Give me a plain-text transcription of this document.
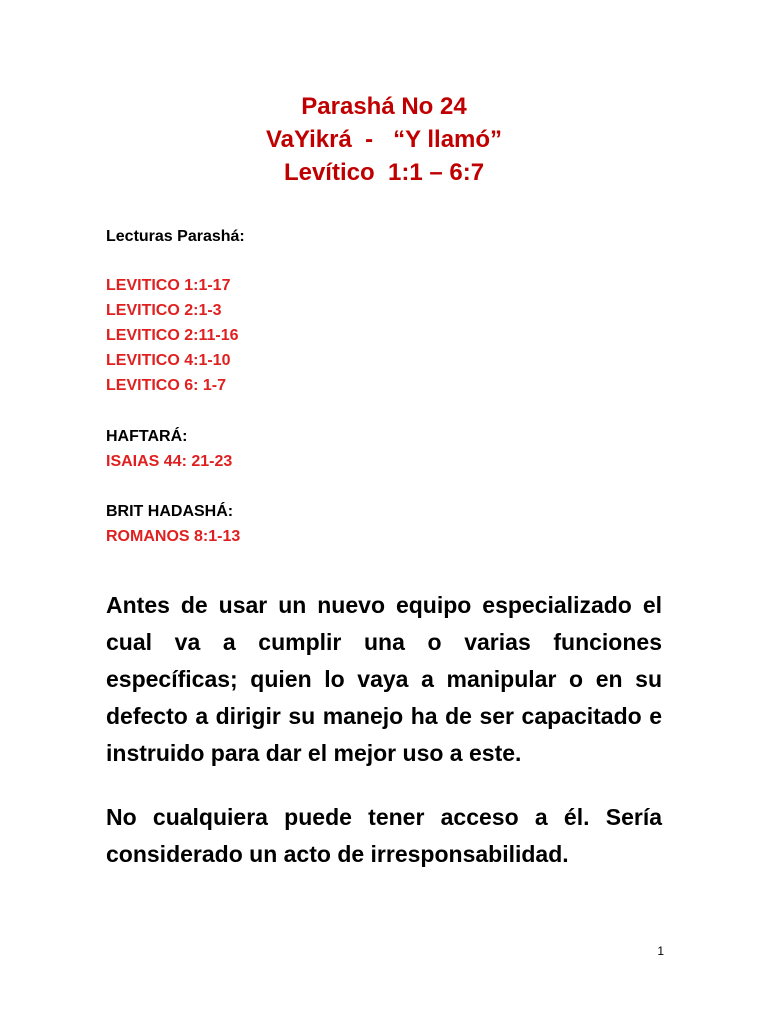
Parashá No 24
VaYikrá  -   “Y llamó”
Levítico  1:1 – 6:7
Lecturas Parashá:
LEVITICO 1:1-17
LEVITICO 2:1-3
LEVITICO 2:11-16
LEVITICO 4:1-10
LEVITICO 6: 1-7
HAFTARÁ:
ISAIAS 44: 21-23
BRIT HADASHÁ:
ROMANOS 8:1-13

Antes de usar un nuevo equipo especializado el cual va a cumplir una o varias funciones específicas; quien lo vaya a manipular o en su defecto a dirigir su manejo ha de ser capacitado e instruido para dar el mejor uso a este.

No cualquiera puede tener acceso a él. Sería considerado un acto de irresponsabilidad.

1
